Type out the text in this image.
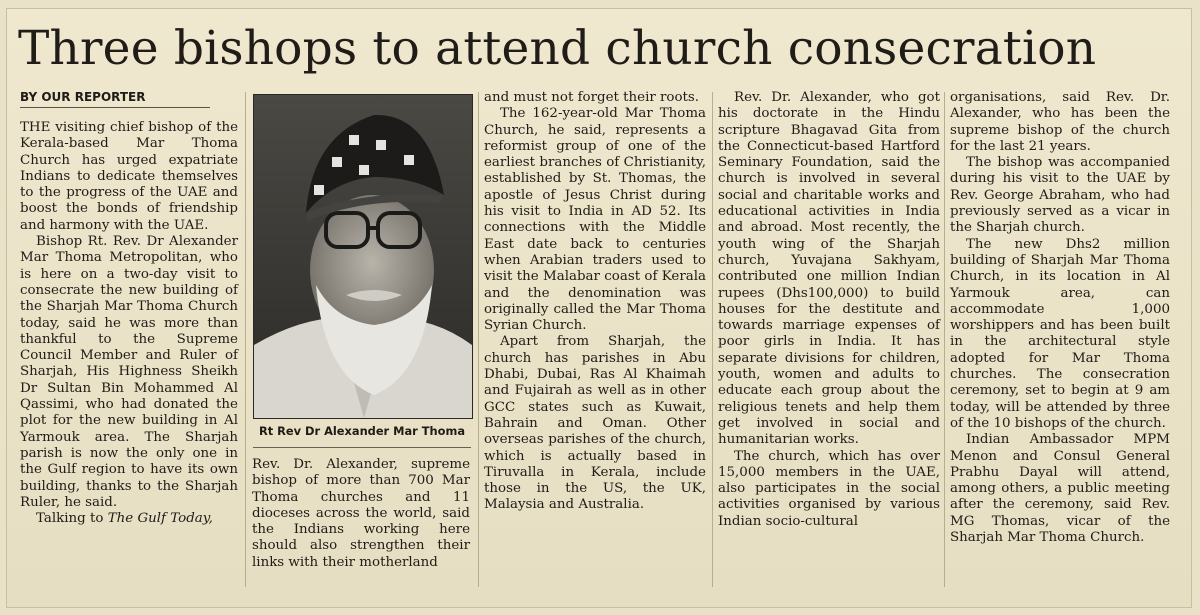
Three bishops to attend church consecration
BY OUR REPORTER

THE visiting chief bishop of the Kerala-based Mar Thoma Church has urged expatriate Indians to dedicate themselves to the progress of the UAE and boost the bonds of friendship and harmony with the UAE.

Bishop Rt. Rev. Dr Alexander Mar Thoma Metropolitan, who is here on a two-day visit to consecrate the new building of the Sharjah Mar Thoma Church today, said he was more than thankful to the Supreme Council Member and Ruler of Sharjah, His Highness Sheikh Dr Sultan Bin Mohammed Al Qassimi, who had donated the plot for the new building in Al Yarmouk area. The Sharjah parish is now the only one in the Gulf region to have its own building, thanks to the Sharjah Ruler, he said.

Talking to The Gulf Today,

Rt Rev Dr Alexander Mar Thoma

Rev. Dr. Alexander, supreme bishop of more than 700 Mar Thoma churches and 11 dioceses across the world, said the Indians working here should also strengthen their links with their motherland

and must not forget their roots.

The 162-year-old Mar Thoma Church, he said, represents a reformist group of one of the earliest branches of Christianity, established by St. Thomas, the apostle of Jesus Christ during his visit to India in AD 52. Its connections with the Middle East date back to centuries when Arabian traders used to visit the Malabar coast of Kerala and the denomination was originally called the Mar Thoma Syrian Church.

Apart from Sharjah, the church has parishes in Abu Dhabi, Dubai, Ras Al Khaimah and Fujairah as well as in other GCC states such as Kuwait, Bahrain and Oman. Other overseas parishes of the church, which is actually based in Tiruvalla in Kerala, include those in the US, the UK, Malaysia and Australia.

Rev. Dr. Alexander, who got his doctorate in the Hindu scripture Bhagavad Gita from the Connecticut-based Hartford Seminary Foundation, said the church is involved in several social and charitable works and educational activities in India and abroad. Most recently, the youth wing of the Sharjah church, Yuvajana Sakhyam, contributed one million Indian rupees (Dhs100,000) to build houses for the destitute and towards marriage expenses of poor girls in India. It has separate divisions for children, youth, women and adults to educate each group about the religious tenets and help them get involved in social and humanitarian works.

The church, which has over 15,000 members in the UAE, also participates in the social activities organised by various Indian socio-cultural

organisations, said Rev. Dr. Alexander, who has been the supreme bishop of the church for the last 21 years.

The bishop was accompanied during his visit to the UAE by Rev. George Abraham, who had previously served as a vicar in the Sharjah church.

The new Dhs2 million building of Sharjah Mar Thoma Church, in its location in Al Yarmouk area, can accommodate 1,000 worshippers and has been built in the architectural style adopted for Mar Thoma churches. The consecration ceremony, set to begin at 9 am today, will be attended by three of the 10 bishops of the church.

Indian Ambassador MPM Menon and Consul General Prabhu Dayal will attend, among others, a public meeting after the ceremony, said Rev. MG Thomas, vicar of the Sharjah Mar Thoma Church.
